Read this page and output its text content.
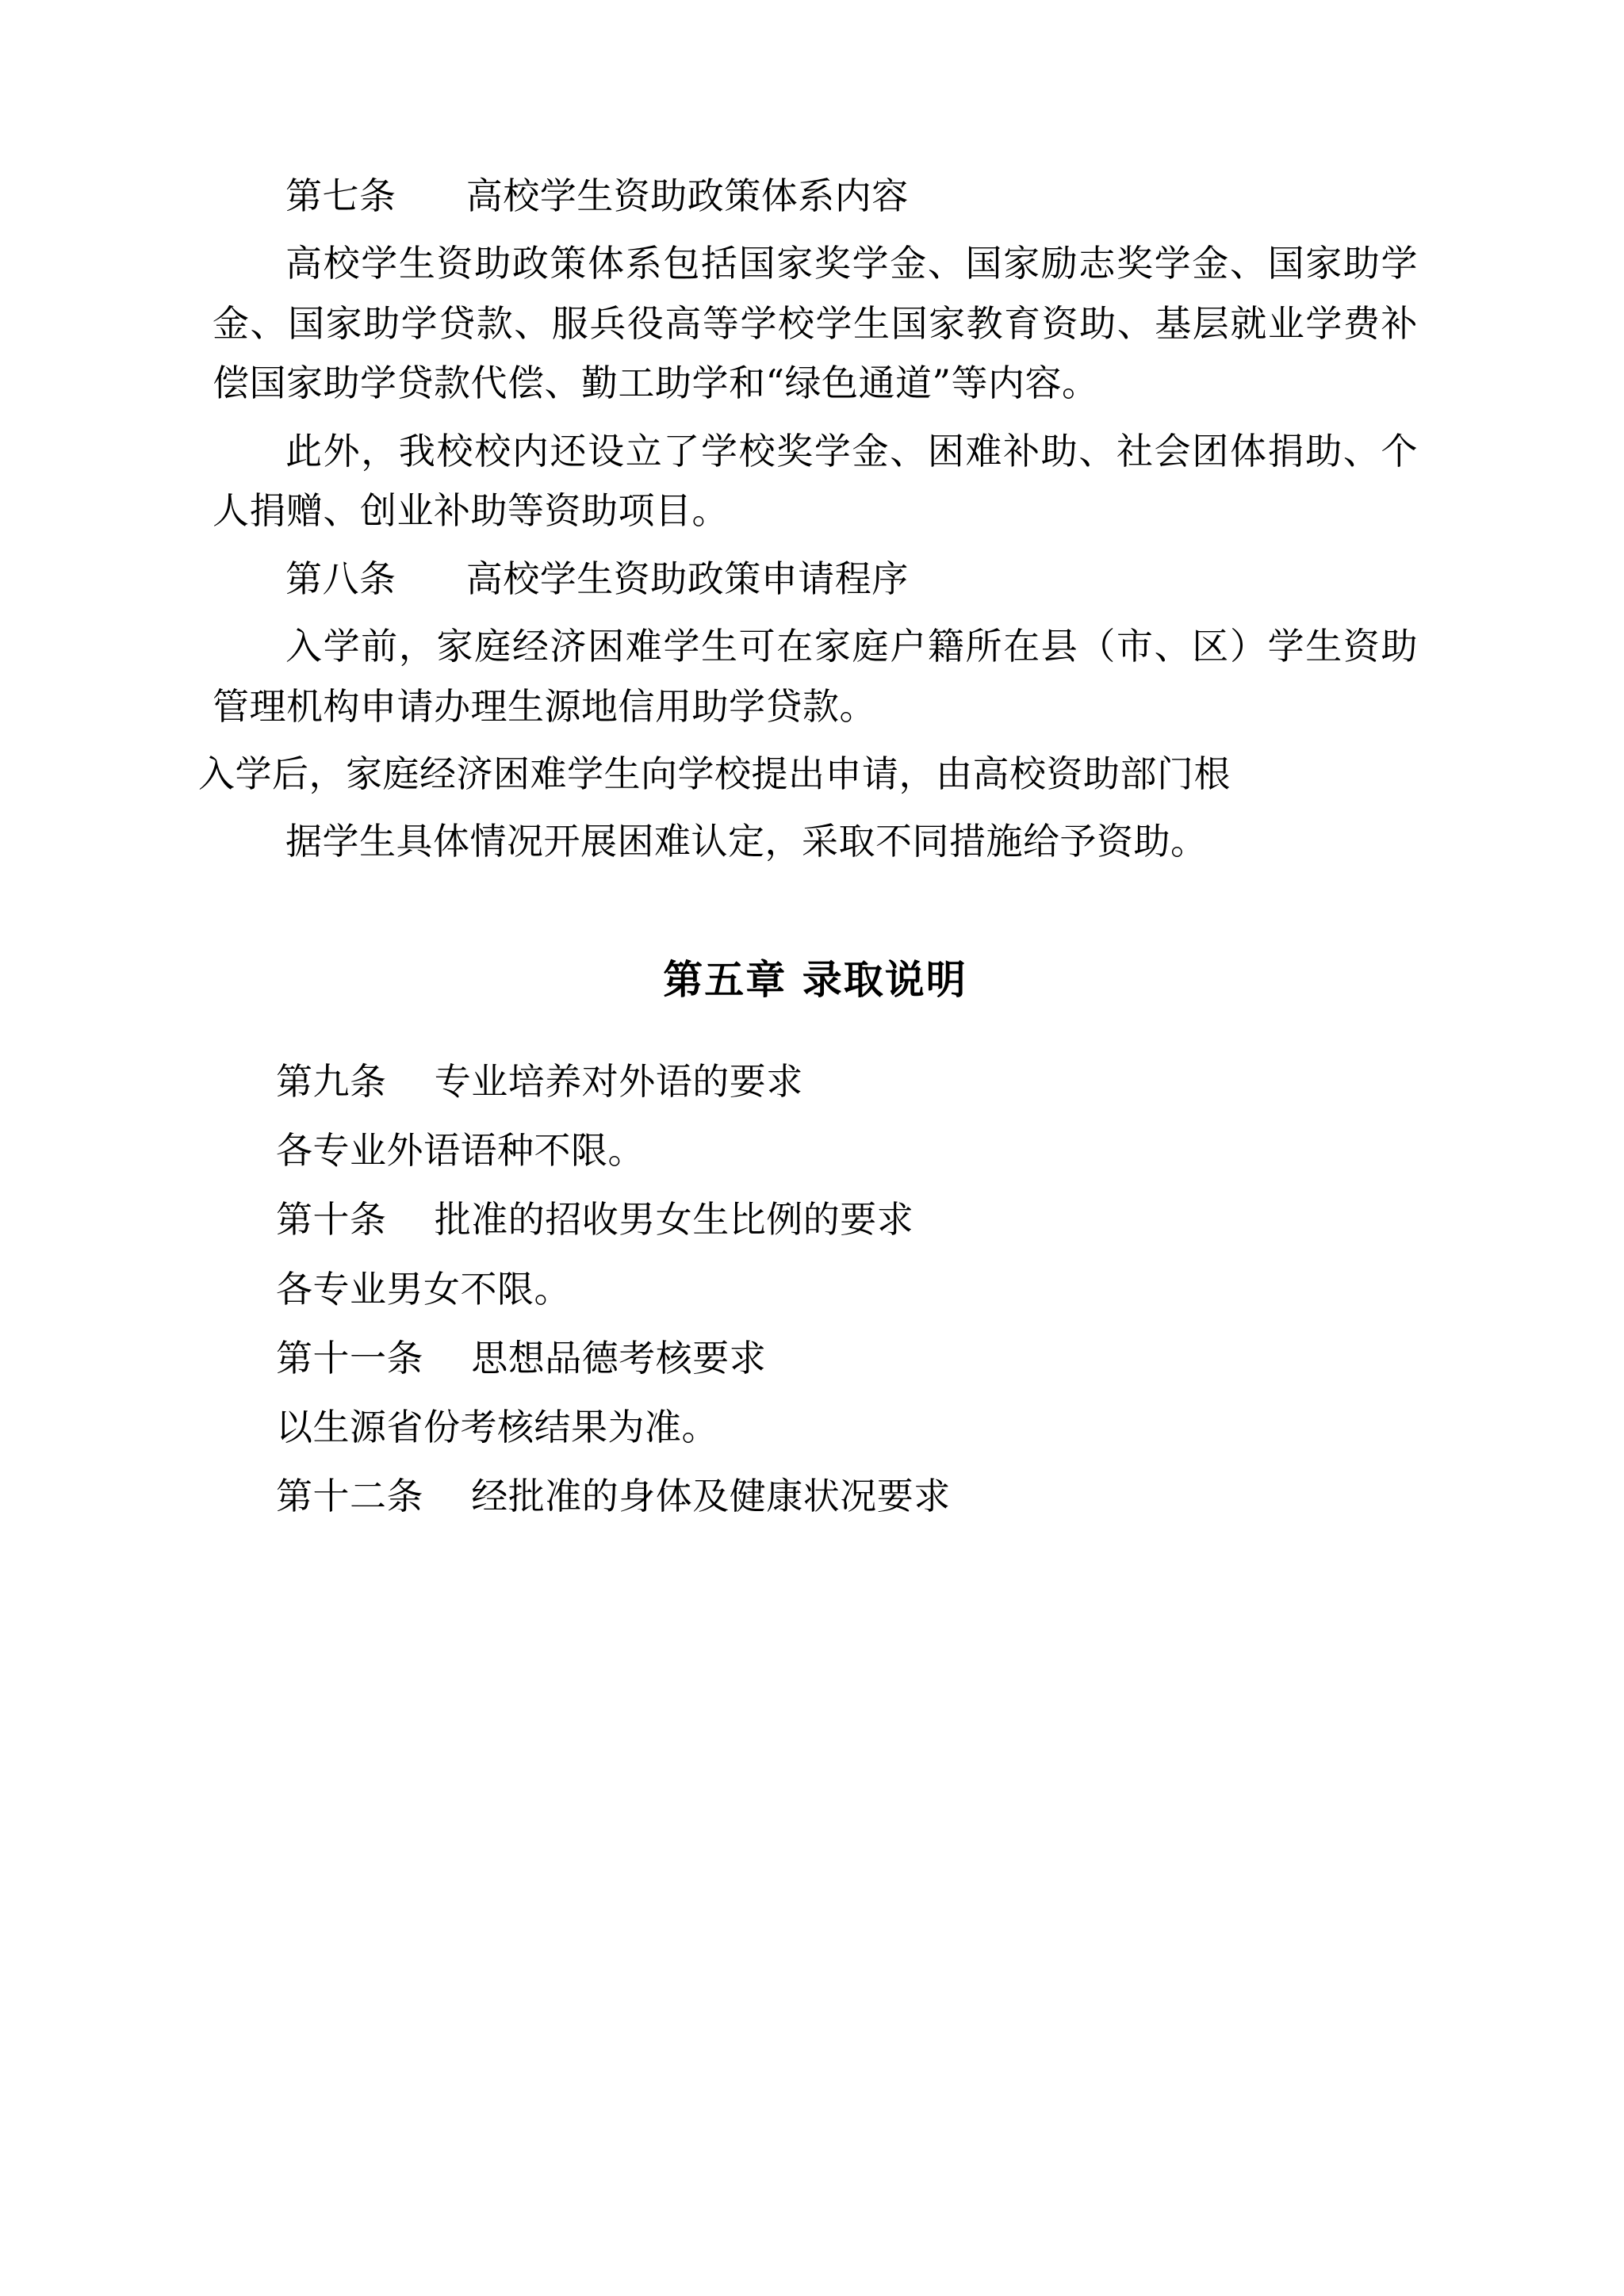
第七条 高校学生资助政策体系内容

高校学生资助政策体系包括国家奖学金、国家励志奖学金、国家助学金、国家助学贷款、服兵役高等学校学生国家教育资助、基层就业学费补偿国家助学贷款代偿、勤工助学和“绿色通道”等内容。

此外，我校校内还设立了学校奖学金、困难补助、社会团体捐助、个人捐赠、创业补助等资助项目。

第八条 高校学生资助政策申请程序

入学前，家庭经济困难学生可在家庭户籍所在县（市、区）学生资助管理机构申请办理生源地信用助学贷款。

入学后，家庭经济困难学生向学校提出申请，由高校资助部门根

据学生具体情况开展困难认定，采取不同措施给予资助。

第五章 录取说明
第九条 专业培养对外语的要求
各专业外语语种不限。
第十条 批准的招收男女生比例的要求
各专业男女不限。
第十一条 思想品德考核要求
以生源省份考核结果为准。
第十二条 经批准的身体及健康状况要求
